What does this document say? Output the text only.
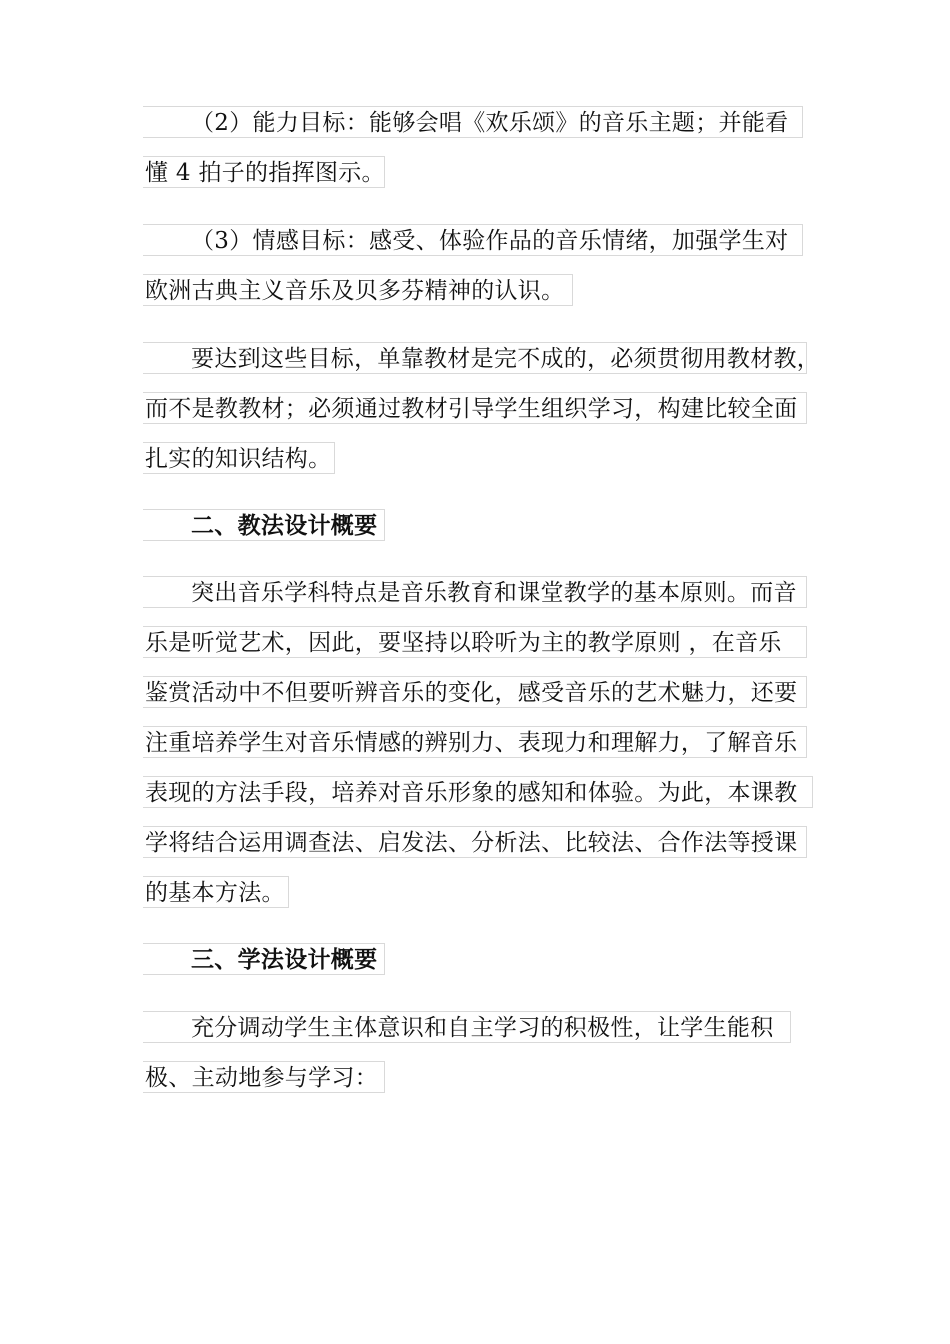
（2）能力目标：能够会唱《欢乐颂》的音乐主题；并能看
懂 4 拍子的指挥图示。
（3）情感目标：感受、体验作品的音乐情绪，加强学生对
欧洲古典主义音乐及贝多芬精神的认识。
要达到这些目标，单靠教材是完不成的，必须贯彻用教材教，
而不是教教材；必须通过教材引导学生组织学习，构建比较全面
扎实的知识结构。
二、教法设计概要
突出音乐学科特点是音乐教育和课堂教学的基本原则。而音
乐是听觉艺术，因此，要坚持以聆听为主的教学原则 ，在音乐
鉴赏活动中不但要听辨音乐的变化，感受音乐的艺术魅力，还要
注重培养学生对音乐情感的辨别力、表现力和理解力，了解音乐
表现的方法手段，培养对音乐形象的感知和体验。为此，本课教
学将结合运用调查法、启发法、分析法、比较法、合作法等授课
的基本方法。
三、学法设计概要
充分调动学生主体意识和自主学习的积极性，让学生能积
极、主动地参与学习：
